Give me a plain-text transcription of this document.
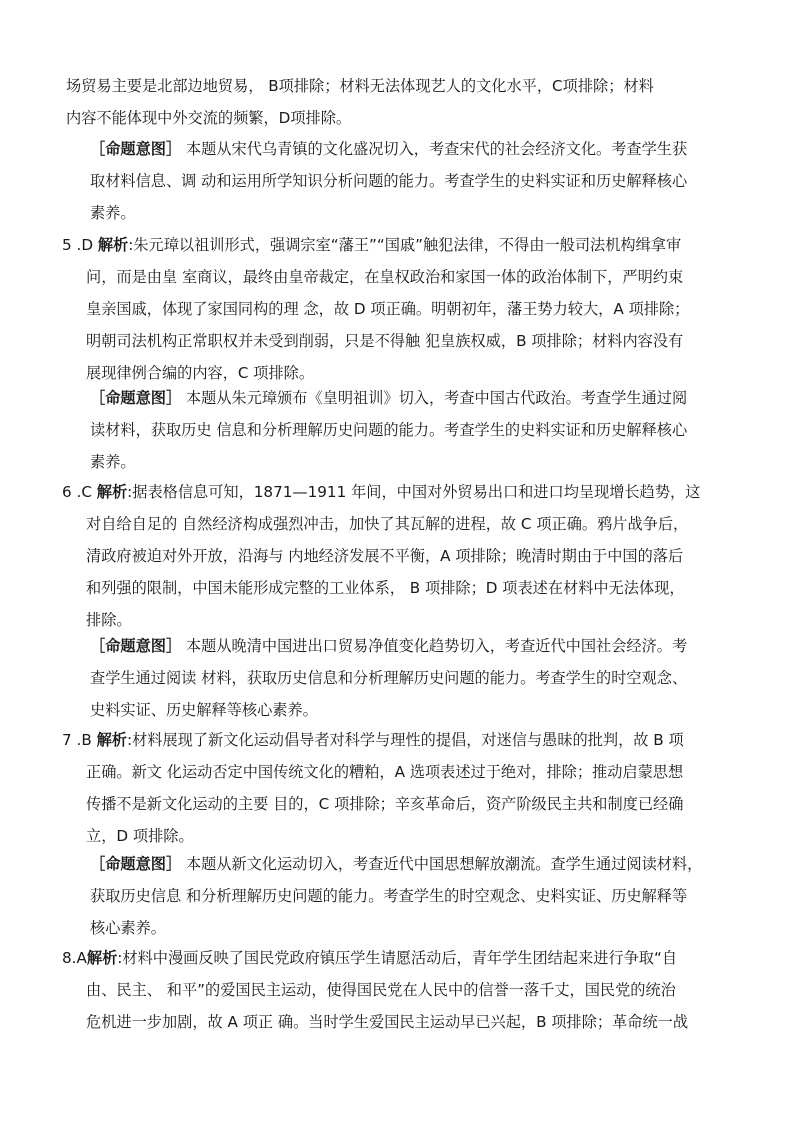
场贸易主要是北部边地贸易， B项排除；材料无法体现艺人的文化水平，C项排除；材料
内容不能体现中外交流的频繁，D项排除。
［命题意图］ 本题从宋代乌青镇的文化盛况切入，考查宋代的社会经济文化。考查学生获
取材料信息、调 动和运用所学知识分析问题的能力。考查学生的史料实证和历史解释核心
素养。
5 .D 解析:朱元璋以祖训形式，强调宗室“藩王”“国戚”触犯法律，不得由一般司法机构缉拿审
问，而是由皇 室商议，最终由皇帝裁定，在皇权政治和家国一体的政治体制下，严明约束
皇亲国戚，体现了家国同构的理 念，故 D 项正确。明朝初年，藩王势力较大，A 项排除；
明朝司法机构正常职权并未受到削弱，只是不得触 犯皇族权威，B 项排除；材料内容没有
展现律例合编的内容，C 项排除。
［命题意图］ 本题从朱元璋颁布《皇明祖训》切入，考查中国古代政治。考查学生通过阅
读材料，获取历史 信息和分析理解历史问题的能力。考查学生的史料实证和历史解释核心
素养。
6 .C 解析:据表格信息可知，1871—1911 年间，中国对外贸易出口和进口均呈现增长趋势，这
对自给自足的 自然经济构成强烈冲击，加快了其瓦解的进程，故 C 项正确。鸦片战争后，
清政府被迫对外开放，沿海与 内地经济发展不平衡，A 项排除；晚清时期由于中国的落后
和列强的限制，中国未能形成完整的工业体系， B 项排除；D 项表述在材料中无法体现，
排除。
［命题意图］ 本题从晚清中国进出口贸易净值变化趋势切入，考查近代中国社会经济。考
查学生通过阅读 材料，获取历史信息和分析理解历史问题的能力。考查学生的时空观念、
史料实证、历史解释等核心素养。
7 .B 解析:材料展现了新文化运动倡导者对科学与理性的提倡，对迷信与愚昧的批判，故 B 项
正确。新文 化运动否定中国传统文化的糟粕，A 选项表述过于绝对，排除；推动启蒙思想
传播不是新文化运动的主要 目的，C 项排除；辛亥革命后，资产阶级民主共和制度已经确
立，D 项排除。
［命题意图］ 本题从新文化运动切入，考查近代中国思想解放潮流。查学生通过阅读材料，
获取历史信息 和分析理解历史问题的能力。考查学生的时空观念、史料实证、历史解释等
核心素养。
8.A解析:材料中漫画反映了国民党政府镇压学生请愿活动后，青年学生团结起来进行争取“自
由、民主、 和平”的爱国民主运动，使得国民党在人民中的信誉一落千丈，国民党的统治
危机进一步加剧，故 A 项正 确。当时学生爱国民主运动早已兴起，B 项排除；革命统一战
